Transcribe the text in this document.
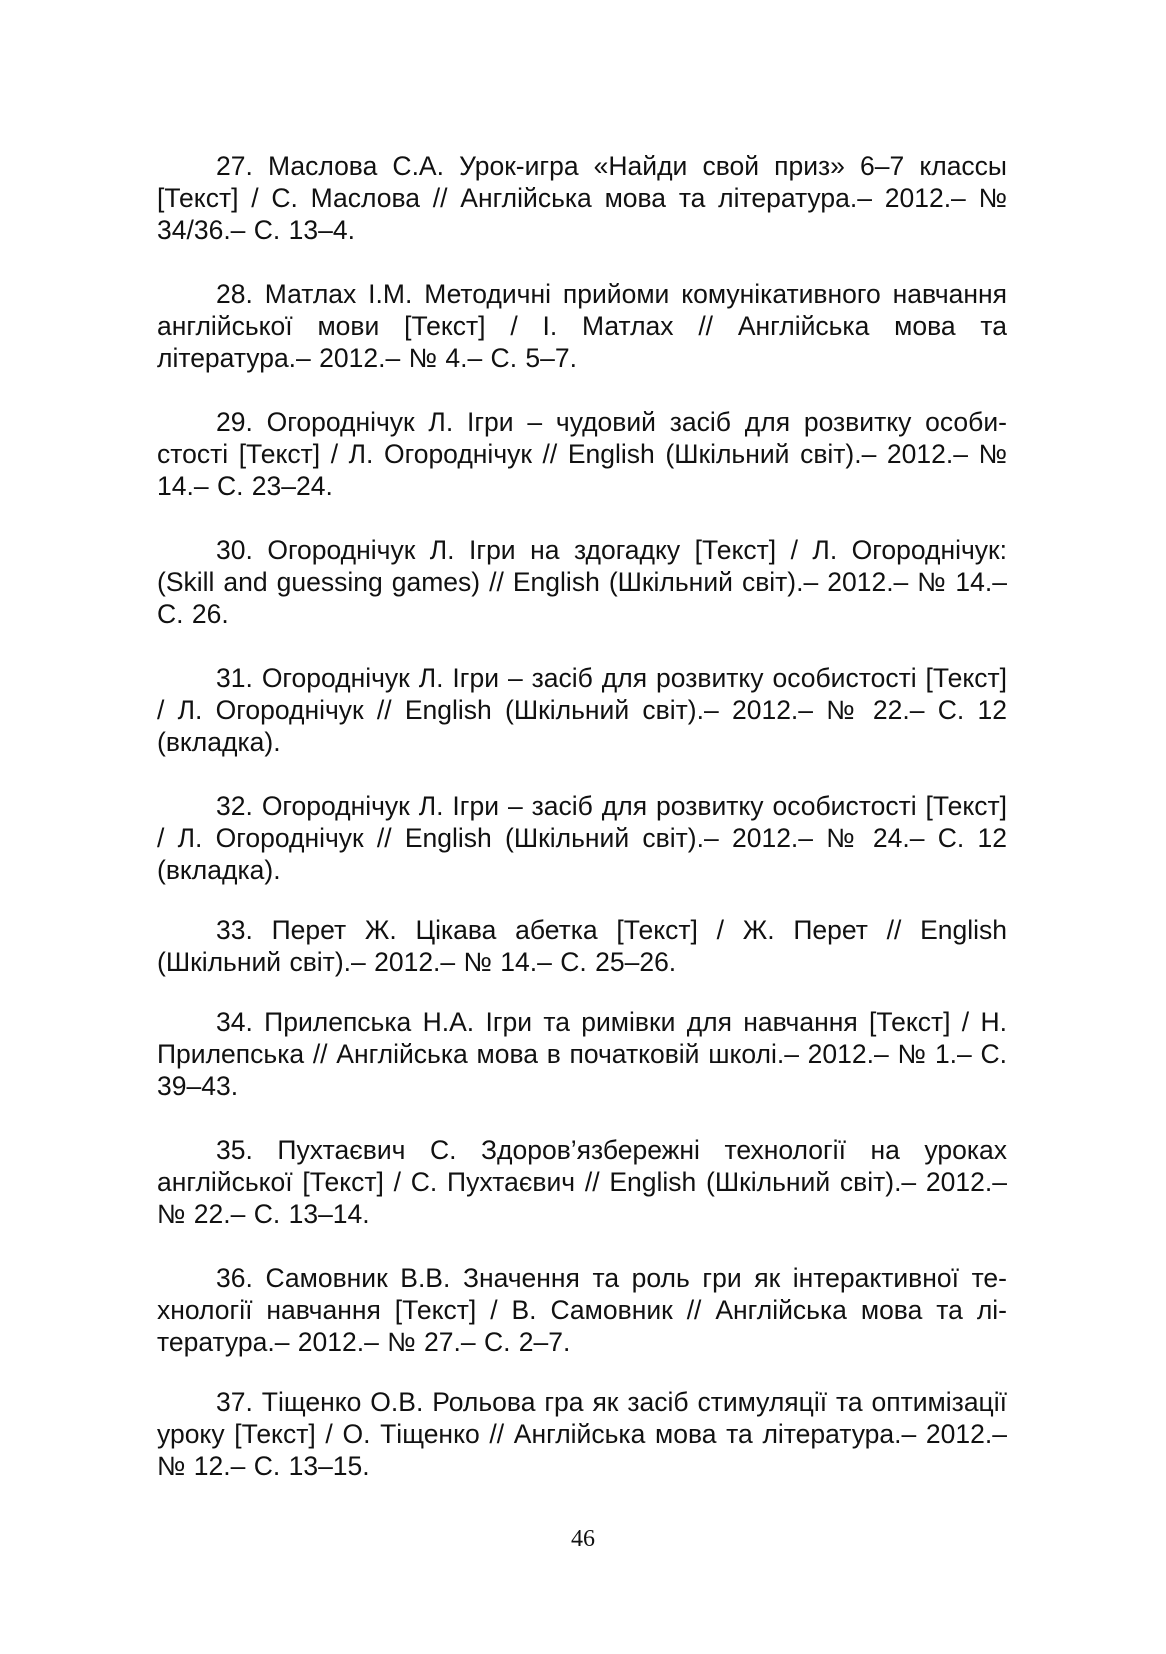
27. Маслова С.А. Урок-игра «Найди свой приз» 6–7 классы [Текст] / С. Маслова // Англійська мова та література.– 2012.– № 34/36.– С. 13–4.

28. Матлах І.М. Методичні прийоми комунікативного навчання англійської мови [Текст] / І. Матлах // Англійська мова та література.– 2012.– № 4.– С. 5–7.

29. Огороднічук Л. Ігри – чудовий засіб для розвитку особистості [Текст] / Л. Огороднічук // English (Шкільний світ).– 2012.– № 14.– С. 23–24.

30. Огороднічук Л. Ігри на здогадку [Текст] / Л. Огороднічук: (Skill and guessing games) // English (Шкільний світ).– 2012.– № 14.– С. 26.

31. Огороднічук Л. Ігри – засіб для розвитку особистості [Текст] / Л. Огороднічук // English (Шкільний світ).– 2012.– № 22.– С. 12 (вкладка).

32. Огороднічук Л. Ігри – засіб для розвитку особистості [Текст] / Л. Огороднічук // English (Шкільний світ).– 2012.– № 24.– С. 12 (вкладка).

33. Перет Ж. Цікава абетка [Текст] / Ж. Перет // English (Шкільний світ).– 2012.– № 14.– С. 25–26.

34. Прилепська Н.А. Ігри та римівки для навчання [Текст] / Н. Прилепська // Англійська мова в початковій школі.– 2012.– № 1.– С. 39–43.

35. Пухтаєвич С. Здоров’язбережні технології на уроках англійської [Текст] / С. Пухтаєвич // English (Шкільний світ).– 2012.– № 22.– С. 13–14.

36. Самовник В.В. Значення та роль гри як інтерактивної технології навчання [Текст] / В. Самовник // Англійська мова та література.– 2012.– № 27.– С. 2–7.

37. Тіщенко О.В. Рольова гра як засіб стимуляції та оптимізації уроку [Текст] / О. Тіщенко // Англійська мова та література.– 2012.– № 12.– С. 13–15.

46
